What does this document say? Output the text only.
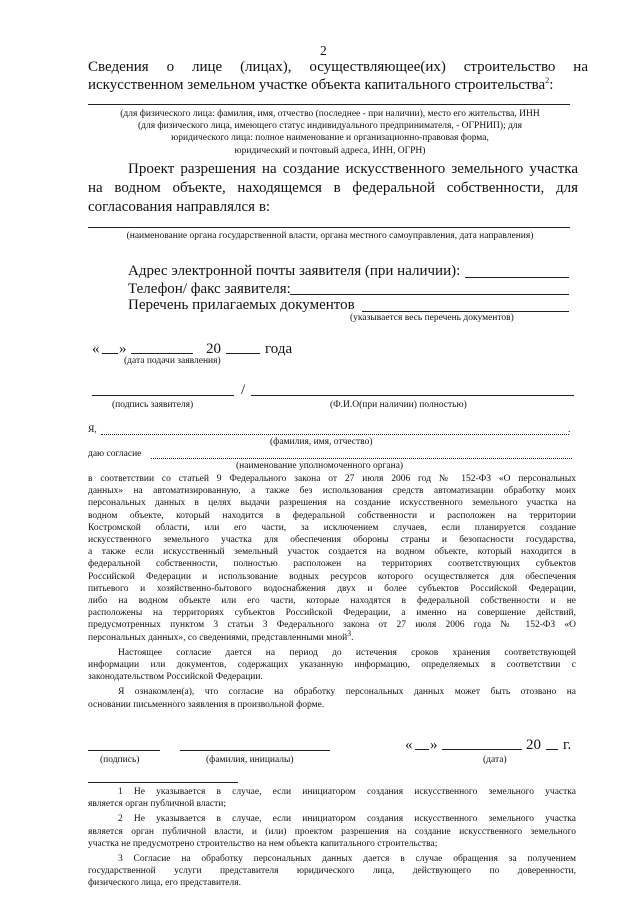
2
Сведения о лице (лицах), осуществляющее(их) строительство на
искусственном земельном участке объекта капитального строительства$^2$:
(для физического лица: фамилия, имя, отчество (последнее - при наличии), место его жительства, ИНН
(для физического лица, имеющего статус индивидуального предпринимателя, - ОГРНИП); для
юридического лица: полное наименование и организационно-правовая форма,
юридический и почтовый адреса, ИНН, ОГРН)
Проект разрешения на создание искусственного земельного участка
на водном объекте, находящемся в федеральной собственности, для
согласования направлялся в:
(наименование органа государственной власти, органа местного самоуправления, дата направления)
Адрес электронной почты заявителя (при наличии):
Телефон/ факс заявителя:
Перечень прилагаемых документов
(указывается весь перечень документов)
« »	20	года
(дата подачи заявления)
/
(подпись заявителя)	(Ф.И.О(при наличии) полностью)
Я,	.
(фамилия, имя, отчество)
даю согласие
(наименование уполномоченного органа)
в соответствии со статьей 9 Федерального закона от 27 июля 2006 год № 152-ФЗ «О персональных
данных» на автоматизированную, а также без использования средств автоматизации обработку моих
персональных данных в целях выдачи разрешения на создание искусственного земельного участка на
водном объекте, который находится в федеральной собственности и расположен на территории
Костромской области, или его части, за исключением случаев, если планируется создание
искусственного земельного участка для обеспечения обороны страны и безопасности государства,
а также если искусственный земельный участок создается на водном объекте, который находится в
федеральной собственности, полностью расположен на территориях соответствующих субъектов
Российской Федерации и использование водных ресурсов которого осуществляется для обеспечения
питьевого и хозяйственно-бытового водоснабжения двух и более субъектов Российской Федерации,
либо на водном объекте или его части, которые находятся в федеральной собственности и не
расположены на территориях субъектов Российской Федерации, а именно на совершение действий,
предусмотренных пунктом 3 статьи 3 Федерального закона от 27 июля 2006 года № 152-ФЗ «О
персональных данных», со сведениями, представленными мной$^3$.
Настоящее согласие дается на период до истечения сроков хранения соответствующей
информации или документов, содержащих указанную информацию, определяемых в соответствии с
законодательством Российской Федерации.
Я ознакомлен(а), что согласие на обработку персональных данных может быть отозвано на
основании письменного заявления в произвольной форме.
« »	20 г.
(подпись)	(фамилия, инициалы)	(дата)
1 Не указывается в случае, если инициатором создания искусственного земельного участка
является орган публичной власти;
2 Не указывается в случае, если инициатором создания искусственного земельного участка
является орган публичной власти, и (или) проектом разрешения на создание искусственного земельного
участка не предусмотрено строительство на нем объекта капитального строительства;
3 Согласие на обработку персональных данных дается в случае обращения за получением
государственной услуги представителя юридического лица, действующего по доверенности,
физического лица, его представителя.
